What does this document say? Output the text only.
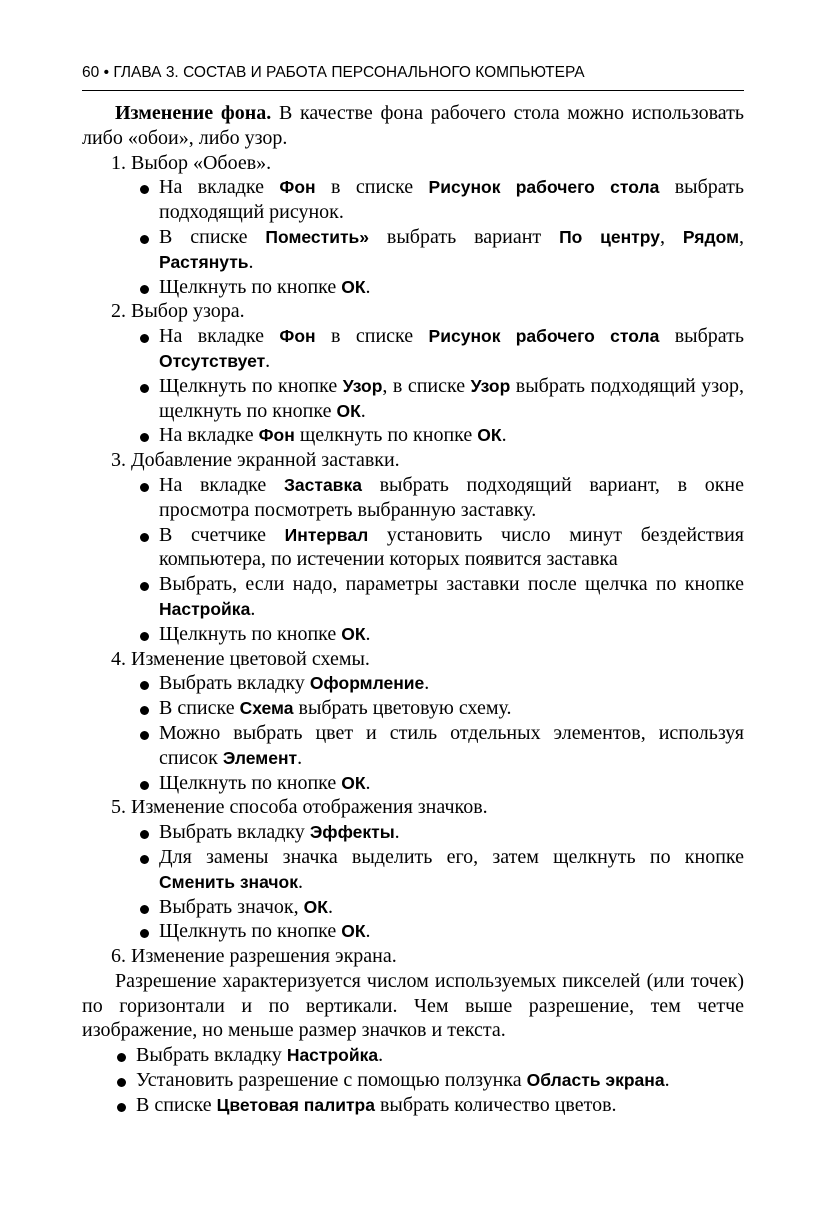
60 • ГЛАВА 3. СОСТАВ И РАБОТА ПЕРСОНАЛЬНОГО КОМПЬЮТЕРА

Изменение фона. В качестве фона рабочего стола можно использовать либо «обои», либо узор.

1. Выбор «Обоев».

На вкладке Фон в списке Рисунок рабочего стола выбрать подходящий рисунок.

В списке Поместить» выбрать вариант По центру, Рядом, Растянуть.

Щелкнуть по кнопке ОК.

2. Выбор узора.

На вкладке Фон в списке Рисунок рабочего стола выбрать Отсутствует.

Щелкнуть по кнопке Узор, в списке Узор выбрать подходящий узор, щелкнуть по кнопке ОК.

На вкладке Фон щелкнуть по кнопке ОК.

3. Добавление экранной заставки.

На вкладке Заставка выбрать подходящий вариант, в окне просмотра посмотреть выбранную заставку.

В счетчике Интервал установить число минут бездействия компьютера, по истечении которых появится заставка

Выбрать, если надо, параметры заставки после щелчка по кнопке Настройка.

Щелкнуть по кнопке ОК.

4. Изменение цветовой схемы.

Выбрать вкладку Оформление.

В списке Схема выбрать цветовую схему.

Можно выбрать цвет и стиль отдельных элементов, используя список Элемент.

Щелкнуть по кнопке ОК.

5. Изменение способа отображения значков.

Выбрать вкладку Эффекты.

Для замены значка выделить его, затем щелкнуть по кнопке Сменить значок.

Выбрать значок, ОК.

Щелкнуть по кнопке ОК.

6. Изменение разрешения экрана.

Разрешение характеризуется числом используемых пикселей (или точек) по горизонтали и по вертикали. Чем выше разрешение, тем четче изображение, но меньше размер значков и текста.

Выбрать вкладку Настройка.

Установить разрешение с помощью ползунка Область экрана.

В списке Цветовая палитра выбрать количество цветов.
